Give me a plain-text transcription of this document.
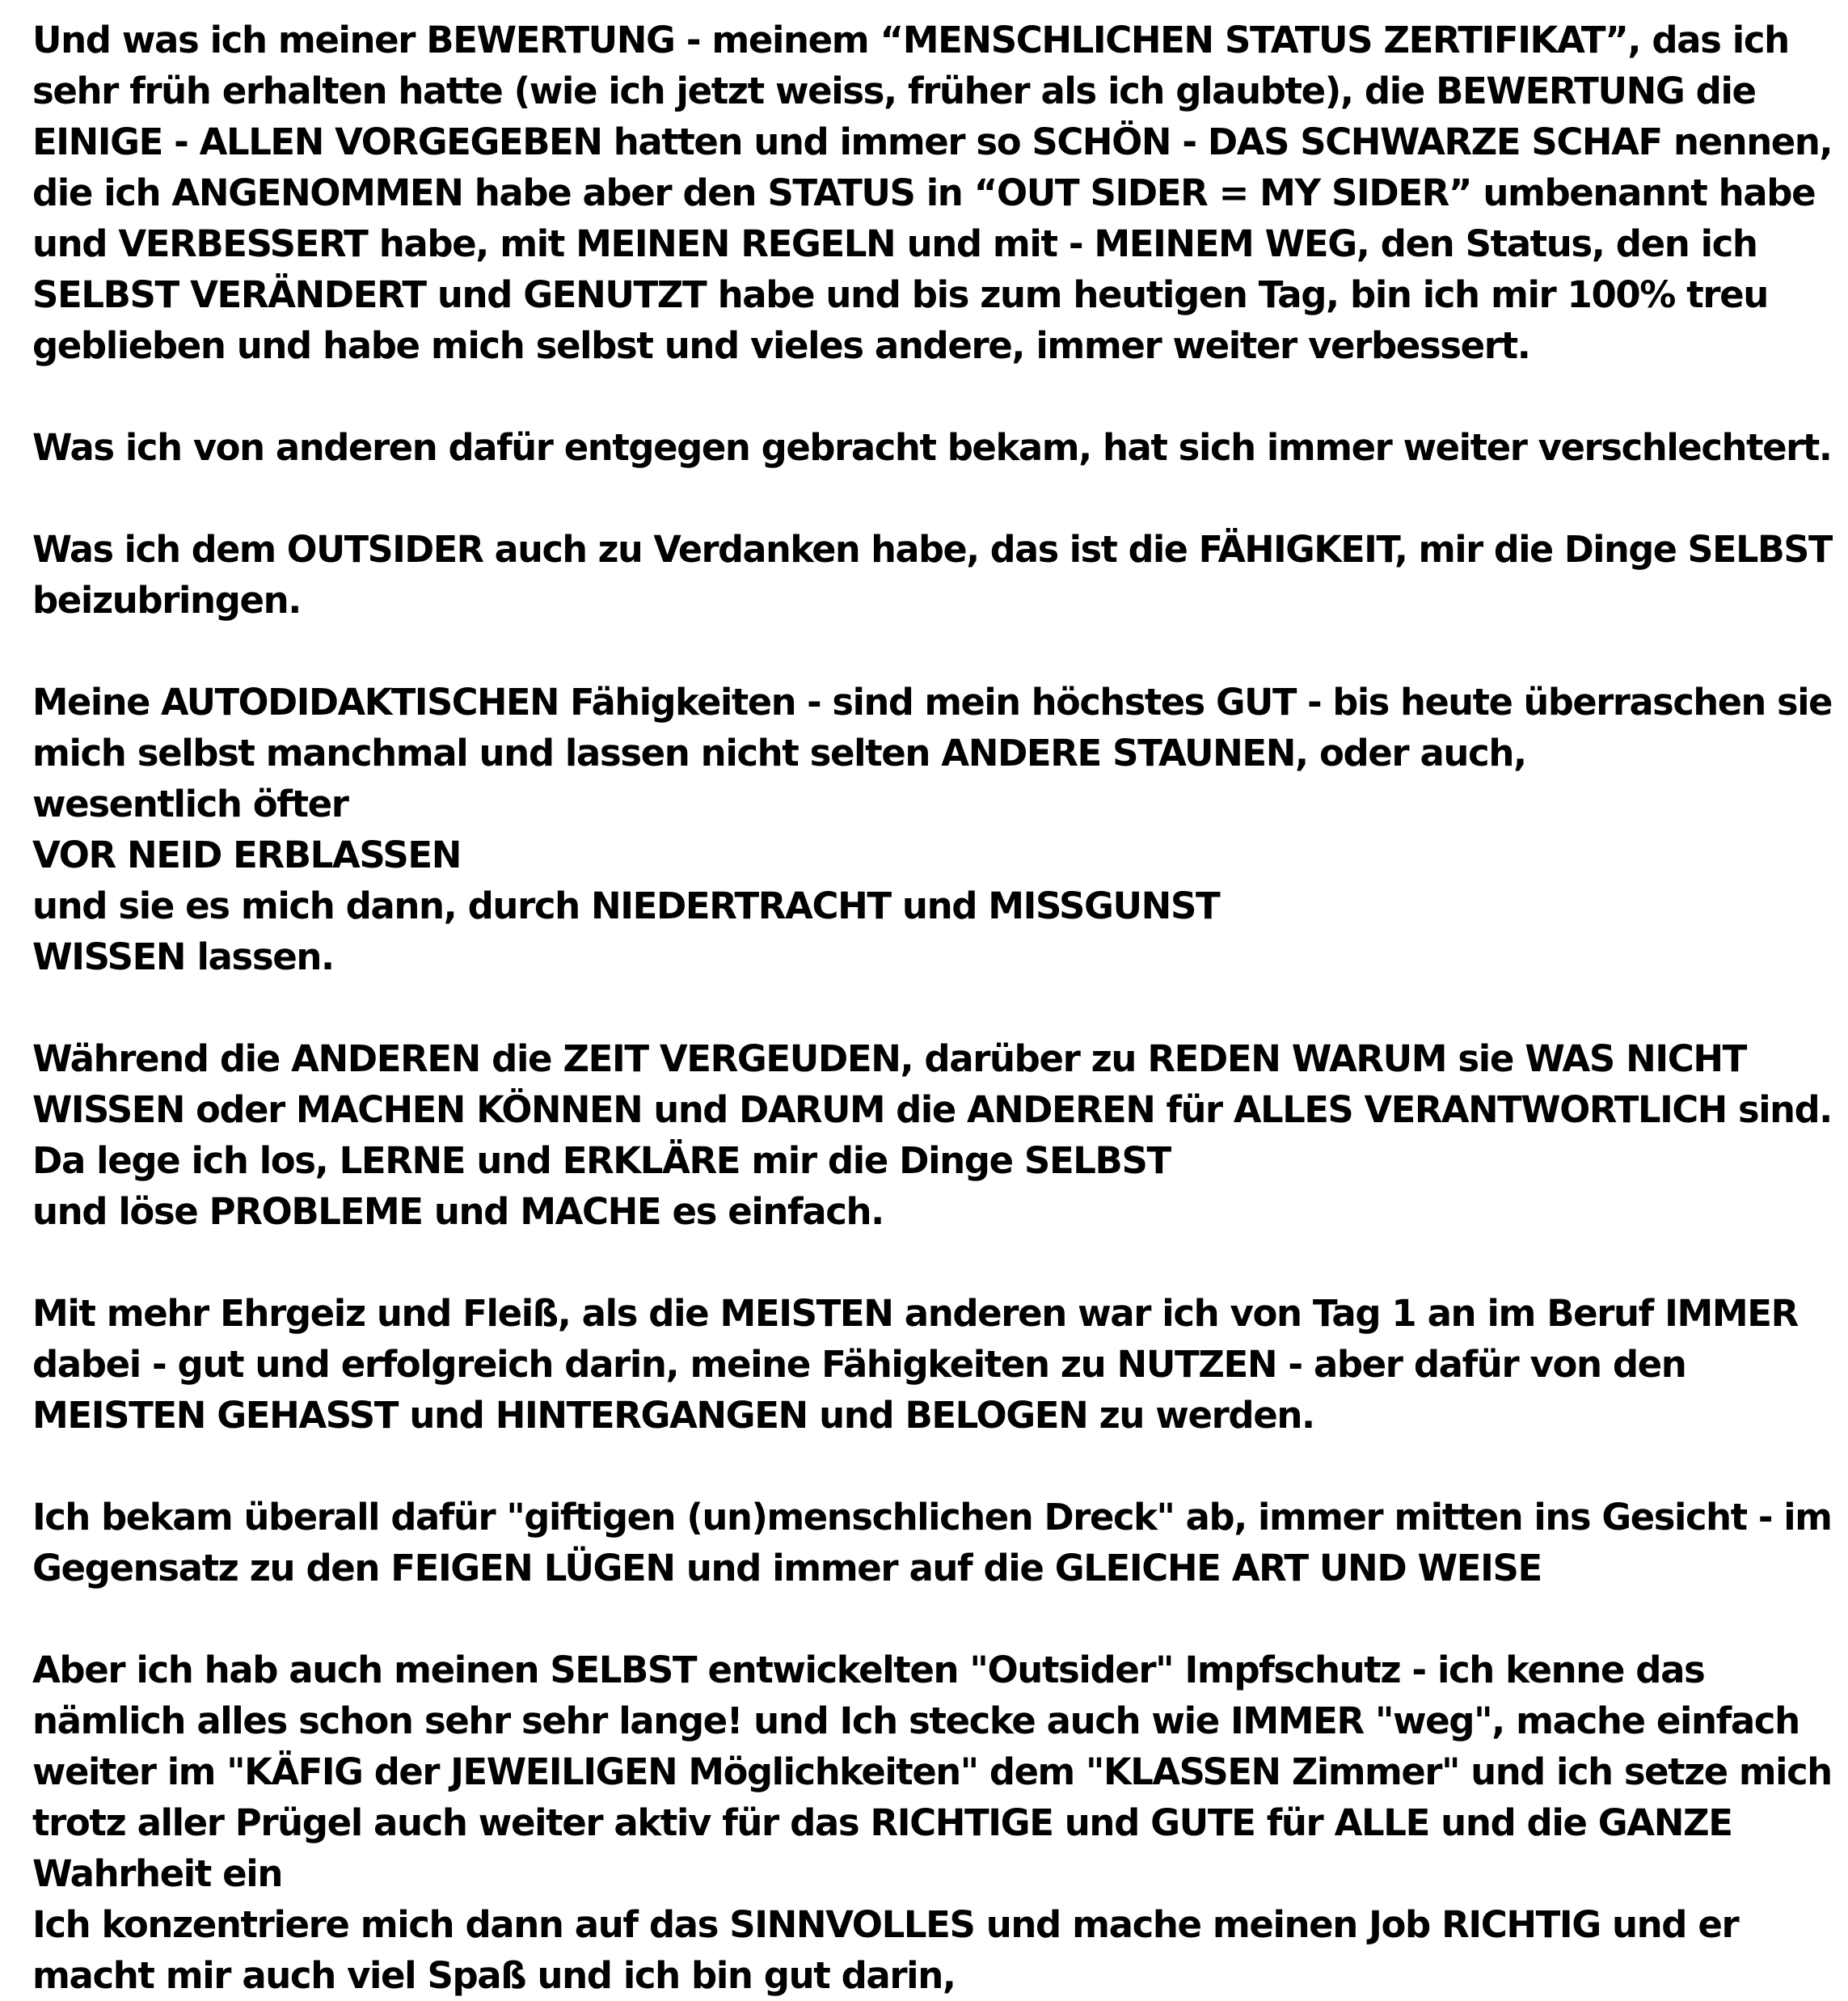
Und was ich meiner BEWERTUNG - meinem “MENSCHLICHEN STATUS ZERTIFIKAT”, das ich
sehr früh erhalten hatte (wie ich jetzt weiss, früher als ich glaubte), die BEWERTUNG die
EINIGE - ALLEN VORGEGEBEN hatten und immer so SCHÖN - DAS SCHWARZE SCHAF nennen,
die ich ANGENOMMEN habe aber den STATUS in “OUT SIDER = MY SIDER” umbenannt habe
und VERBESSERT habe, mit MEINEN REGELN und mit - MEINEM WEG, den Status, den ich
SELBST VERÄNDERT und GENUTZT habe und bis zum heutigen Tag, bin ich mir 100% treu
geblieben und habe mich selbst und vieles andere, immer weiter verbessert.
Was ich von anderen dafür entgegen gebracht bekam, hat sich immer weiter verschlechtert.
Was ich dem OUTSIDER auch zu Verdanken habe, das ist die FÄHIGKEIT, mir die Dinge SELBST
beizubringen.
Meine AUTODIDAKTISCHEN Fähigkeiten - sind mein höchstes GUT - bis heute überraschen sie
mich selbst manchmal und lassen nicht selten ANDERE STAUNEN, oder auch,
wesentlich öfter
VOR NEID ERBLASSEN
und sie es mich dann, durch NIEDERTRACHT und MISSGUNST
WISSEN lassen.
Während die ANDEREN die ZEIT VERGEUDEN, darüber zu REDEN WARUM sie WAS NICHT
WISSEN oder MACHEN KÖNNEN und DARUM die ANDEREN für ALLES VERANTWORTLICH sind.
Da lege ich los, LERNE und ERKLÄRE mir die Dinge SELBST
und löse PROBLEME und MACHE es einfach.
Mit mehr Ehrgeiz und Fleiß, als die MEISTEN anderen war ich von Tag 1 an im Beruf IMMER
dabei - gut und erfolgreich darin, meine Fähigkeiten zu NUTZEN - aber dafür von den
MEISTEN GEHASST und HINTERGANGEN und BELOGEN zu werden.
Ich bekam überall dafür "giftigen (un)menschlichen Dreck" ab, immer mitten ins Gesicht - im
Gegensatz zu den FEIGEN LÜGEN und immer auf die GLEICHE ART UND WEISE
Aber ich hab auch meinen SELBST entwickelten "Outsider" Impfschutz - ich kenne das
nämlich alles schon sehr sehr lange! und Ich stecke auch wie IMMER "weg", mache einfach
weiter im "KÄFIG der JEWEILIGEN Möglichkeiten" dem "KLASSEN Zimmer" und ich setze mich
trotz aller Prügel auch weiter aktiv für das RICHTIGE und GUTE für ALLE und die GANZE
Wahrheit ein
Ich konzentriere mich dann auf das SINNVOLLES und mache meinen Job RICHTIG und er
macht mir auch viel Spaß und ich bin gut darin,
